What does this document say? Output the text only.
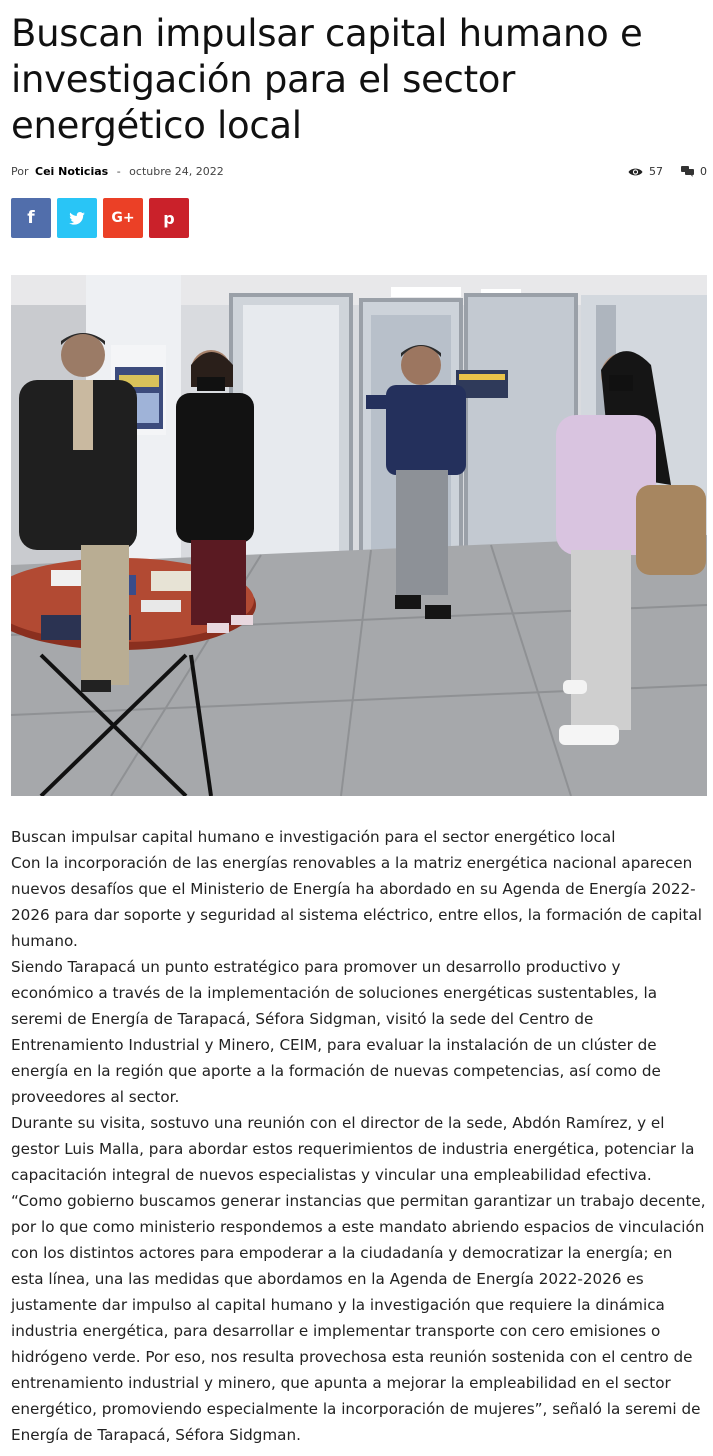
Buscan impulsar capital humano e investigación para el sector energético local
Por Cei Noticias - octubre 24, 2022	57	0
f	G+ p

Buscan impulsar capital humano e investigación para el sector energético local

Con la incorporación de las energías renovables a la matriz energética nacional aparecen nuevos desafíos que el Ministerio de Energía ha abordado en su Agenda de Energía 2022-2026 para dar soporte y seguridad al sistema eléctrico, entre ellos, la formación de capital humano.

Siendo Tarapacá un punto estratégico para promover un desarrollo productivo y económico a través de la implementación de soluciones energéticas sustentables, la seremi de Energía de Tarapacá, Séfora Sidgman, visitó la sede del Centro de Entrenamiento Industrial y Minero, CEIM, para evaluar la instalación de un clúster de energía en la región que aporte a la formación de nuevas competencias, así como de proveedores al sector.

Durante su visita, sostuvo una reunión con el director de la sede, Abdón Ramírez, y el gestor Luis Malla, para abordar estos requerimientos de industria energética, potenciar la capacitación integral de nuevos especialistas y vincular una empleabilidad efectiva.

“Como gobierno buscamos generar instancias que permitan garantizar un trabajo decente, por lo que como ministerio respondemos a este mandato abriendo espacios de vinculación con los distintos actores para empoderar a la ciudadanía y democratizar la energía; en esta línea, una las medidas que abordamos en la Agenda de Energía 2022-2026 es justamente dar impulso al capital humano y la investigación que requiere la dinámica industria energética, para desarrollar e implementar transporte con cero emisiones o hidrógeno verde. Por eso, nos resulta provechosa esta reunión sostenida con el centro de entrenamiento industrial y minero, que apunta a mejorar la empleabilidad en el sector energético, promoviendo especialmente la incorporación de mujeres”, señaló la seremi de Energía de Tarapacá, Séfora Sidgman.
